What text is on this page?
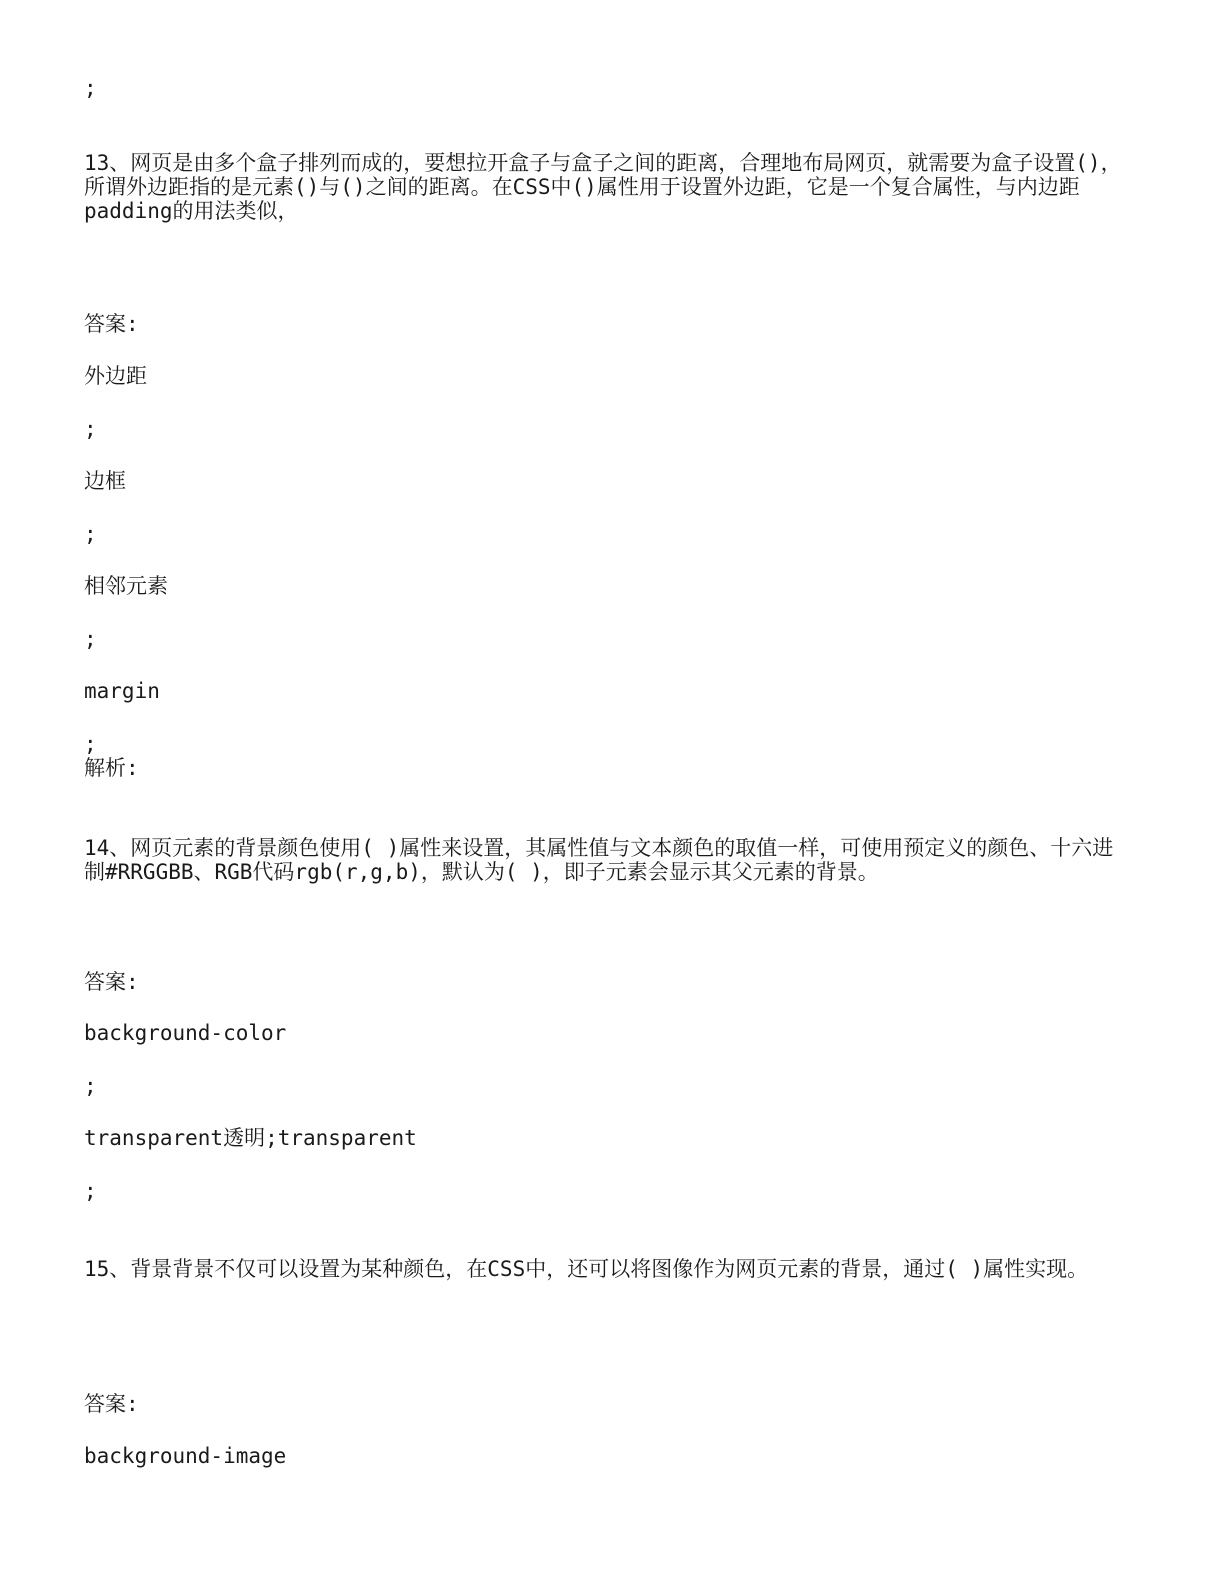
;
13、网页是由多个盒子排列而成的，要想拉开盒子与盒子之间的距离，合理地布局网页，就需要为盒子设置()，所谓外边距指的是元素()与()之间的距离。在CSS中()属性用于设置外边距，它是一个复合属性，与内边距padding的用法类似，
答案:
外边距
;
边框
;
相邻元素
;
margin
;
解析:
14、网页元素的背景颜色使用( )属性来设置，其属性值与文本颜色的取值一样，可使用预定义的颜色、十六进制#RRGGBB、RGB代码rgb(r,g,b)，默认为( )，即子元素会显示其父元素的背景。
答案:
background-color
;
transparent透明;transparent
;
15、背景背景不仅可以设置为某种颜色，在CSS中，还可以将图像作为网页元素的背景，通过( )属性实现。
答案:
background-image
